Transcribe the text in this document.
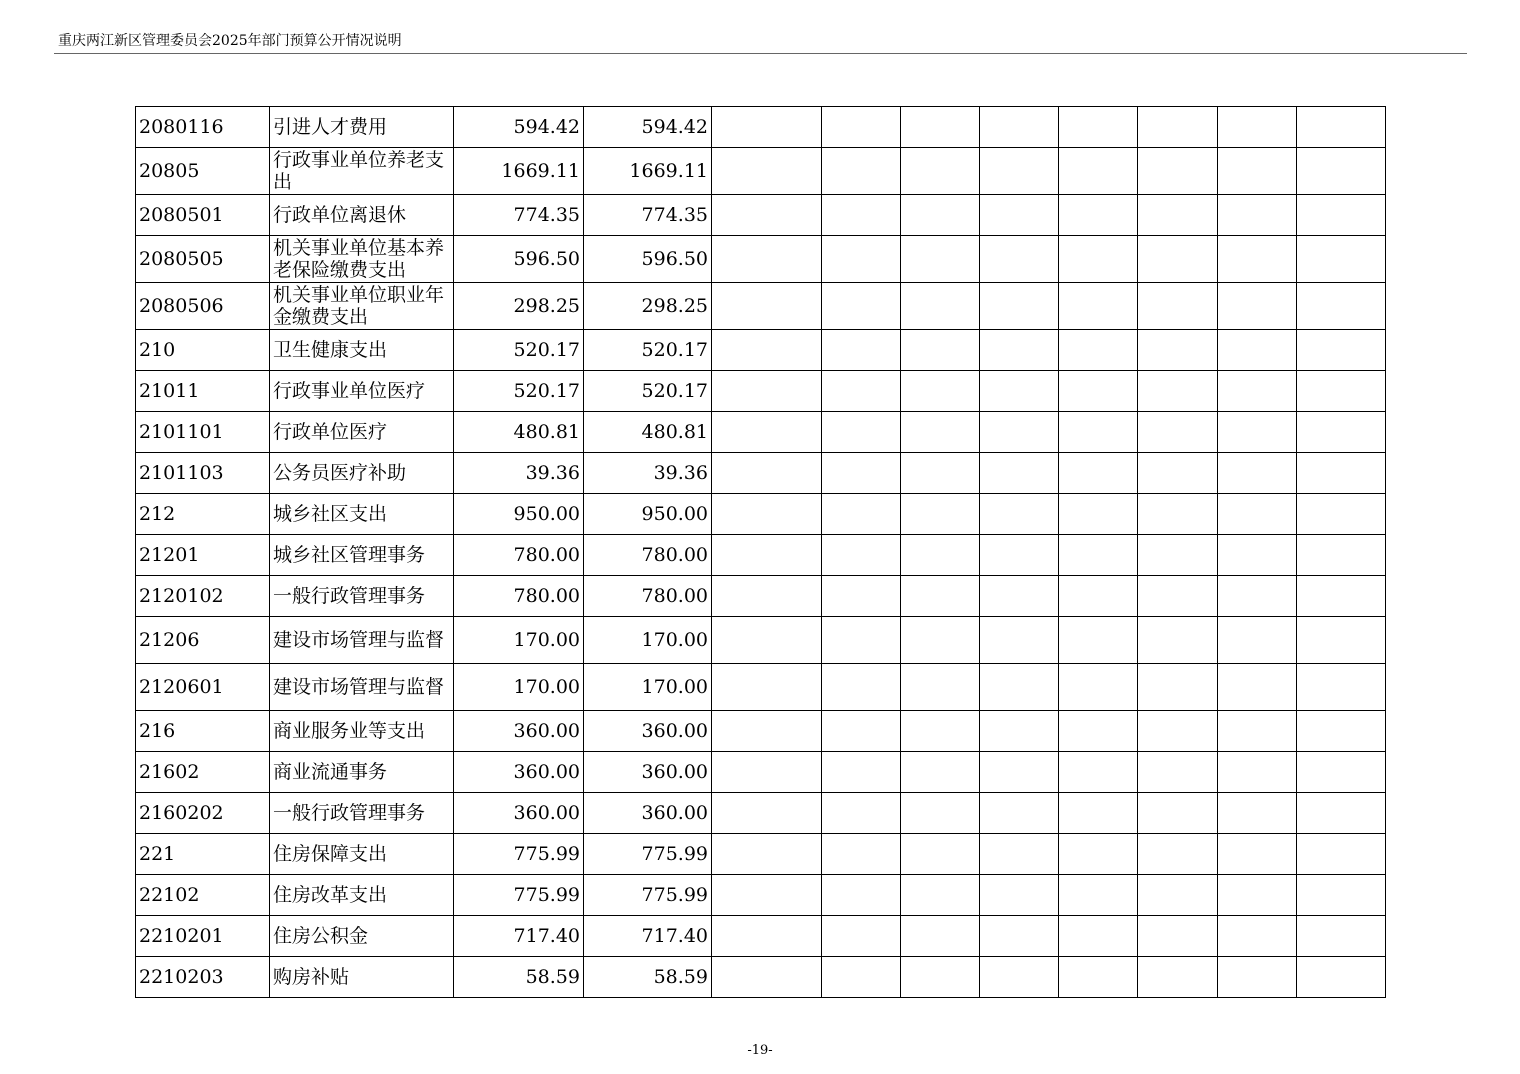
重庆两江新区管理委员会2025年部门预算公开情况说明
2080116	引进人才费用	594.42	594.42								
20805	行政事业单位养老支出	1669.11	1669.11								
2080501	行政单位离退休	774.35	774.35								
2080505	机关事业单位基本养老保险缴费支出	596.50	596.50								
2080506	机关事业单位职业年金缴费支出	298.25	298.25								
210	卫生健康支出	520.17	520.17								
21011	行政事业单位医疗	520.17	520.17								
2101101	行政单位医疗	480.81	480.81								
2101103	公务员医疗补助	39.36	39.36								
212	城乡社区支出	950.00	950.00								
21201	城乡社区管理事务	780.00	780.00								
2120102	一般行政管理事务	780.00	780.00								
21206	建设市场管理与监督	170.00	170.00								
2120601	建设市场管理与监督	170.00	170.00								
216	商业服务业等支出	360.00	360.00								
21602	商业流通事务	360.00	360.00								
2160202	一般行政管理事务	360.00	360.00								
221	住房保障支出	775.99	775.99								
22102	住房改革支出	775.99	775.99								
2210201	住房公积金	717.40	717.40								
2210203	购房补贴	58.59	58.59								
-19-
